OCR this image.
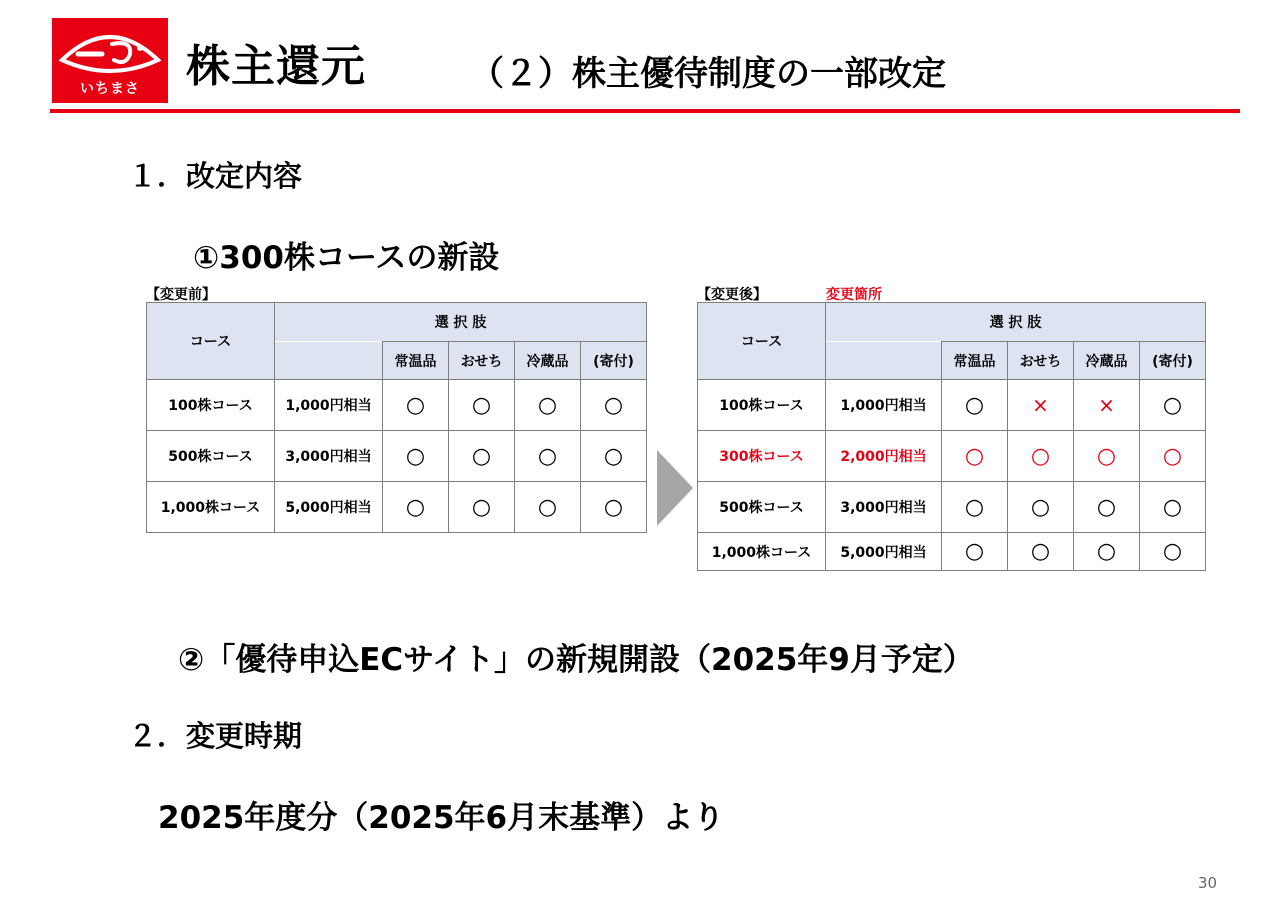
いちまさ	株主還元	（２）株主優待制度の一部改定
１．改定内容
①300株コースの新設
【変更前】	【変更後】	変更箇所
コース	選 択 肢				
		常温品	おせち	冷蔵品	(寄付)
100株コース	1,000円相当	○	○	○	○
500株コース	3,000円相当	○	○	○	○
1,000株コース	5,000円相当	○	○	○	○
コース	選 択 肢				
		常温品	おせち	冷蔵品	(寄付)
100株コース	1,000円相当	○	×	×	○
300株コース	2,000円相当	○	○	○	○
500株コース	3,000円相当	○	○	○	○
1,000株コース	5,000円相当	○	○	○	○
②「優待申込ECサイト」の新規開設（2025年9月予定）
２．変更時期
2025年度分（2025年6月末基準）より
30
